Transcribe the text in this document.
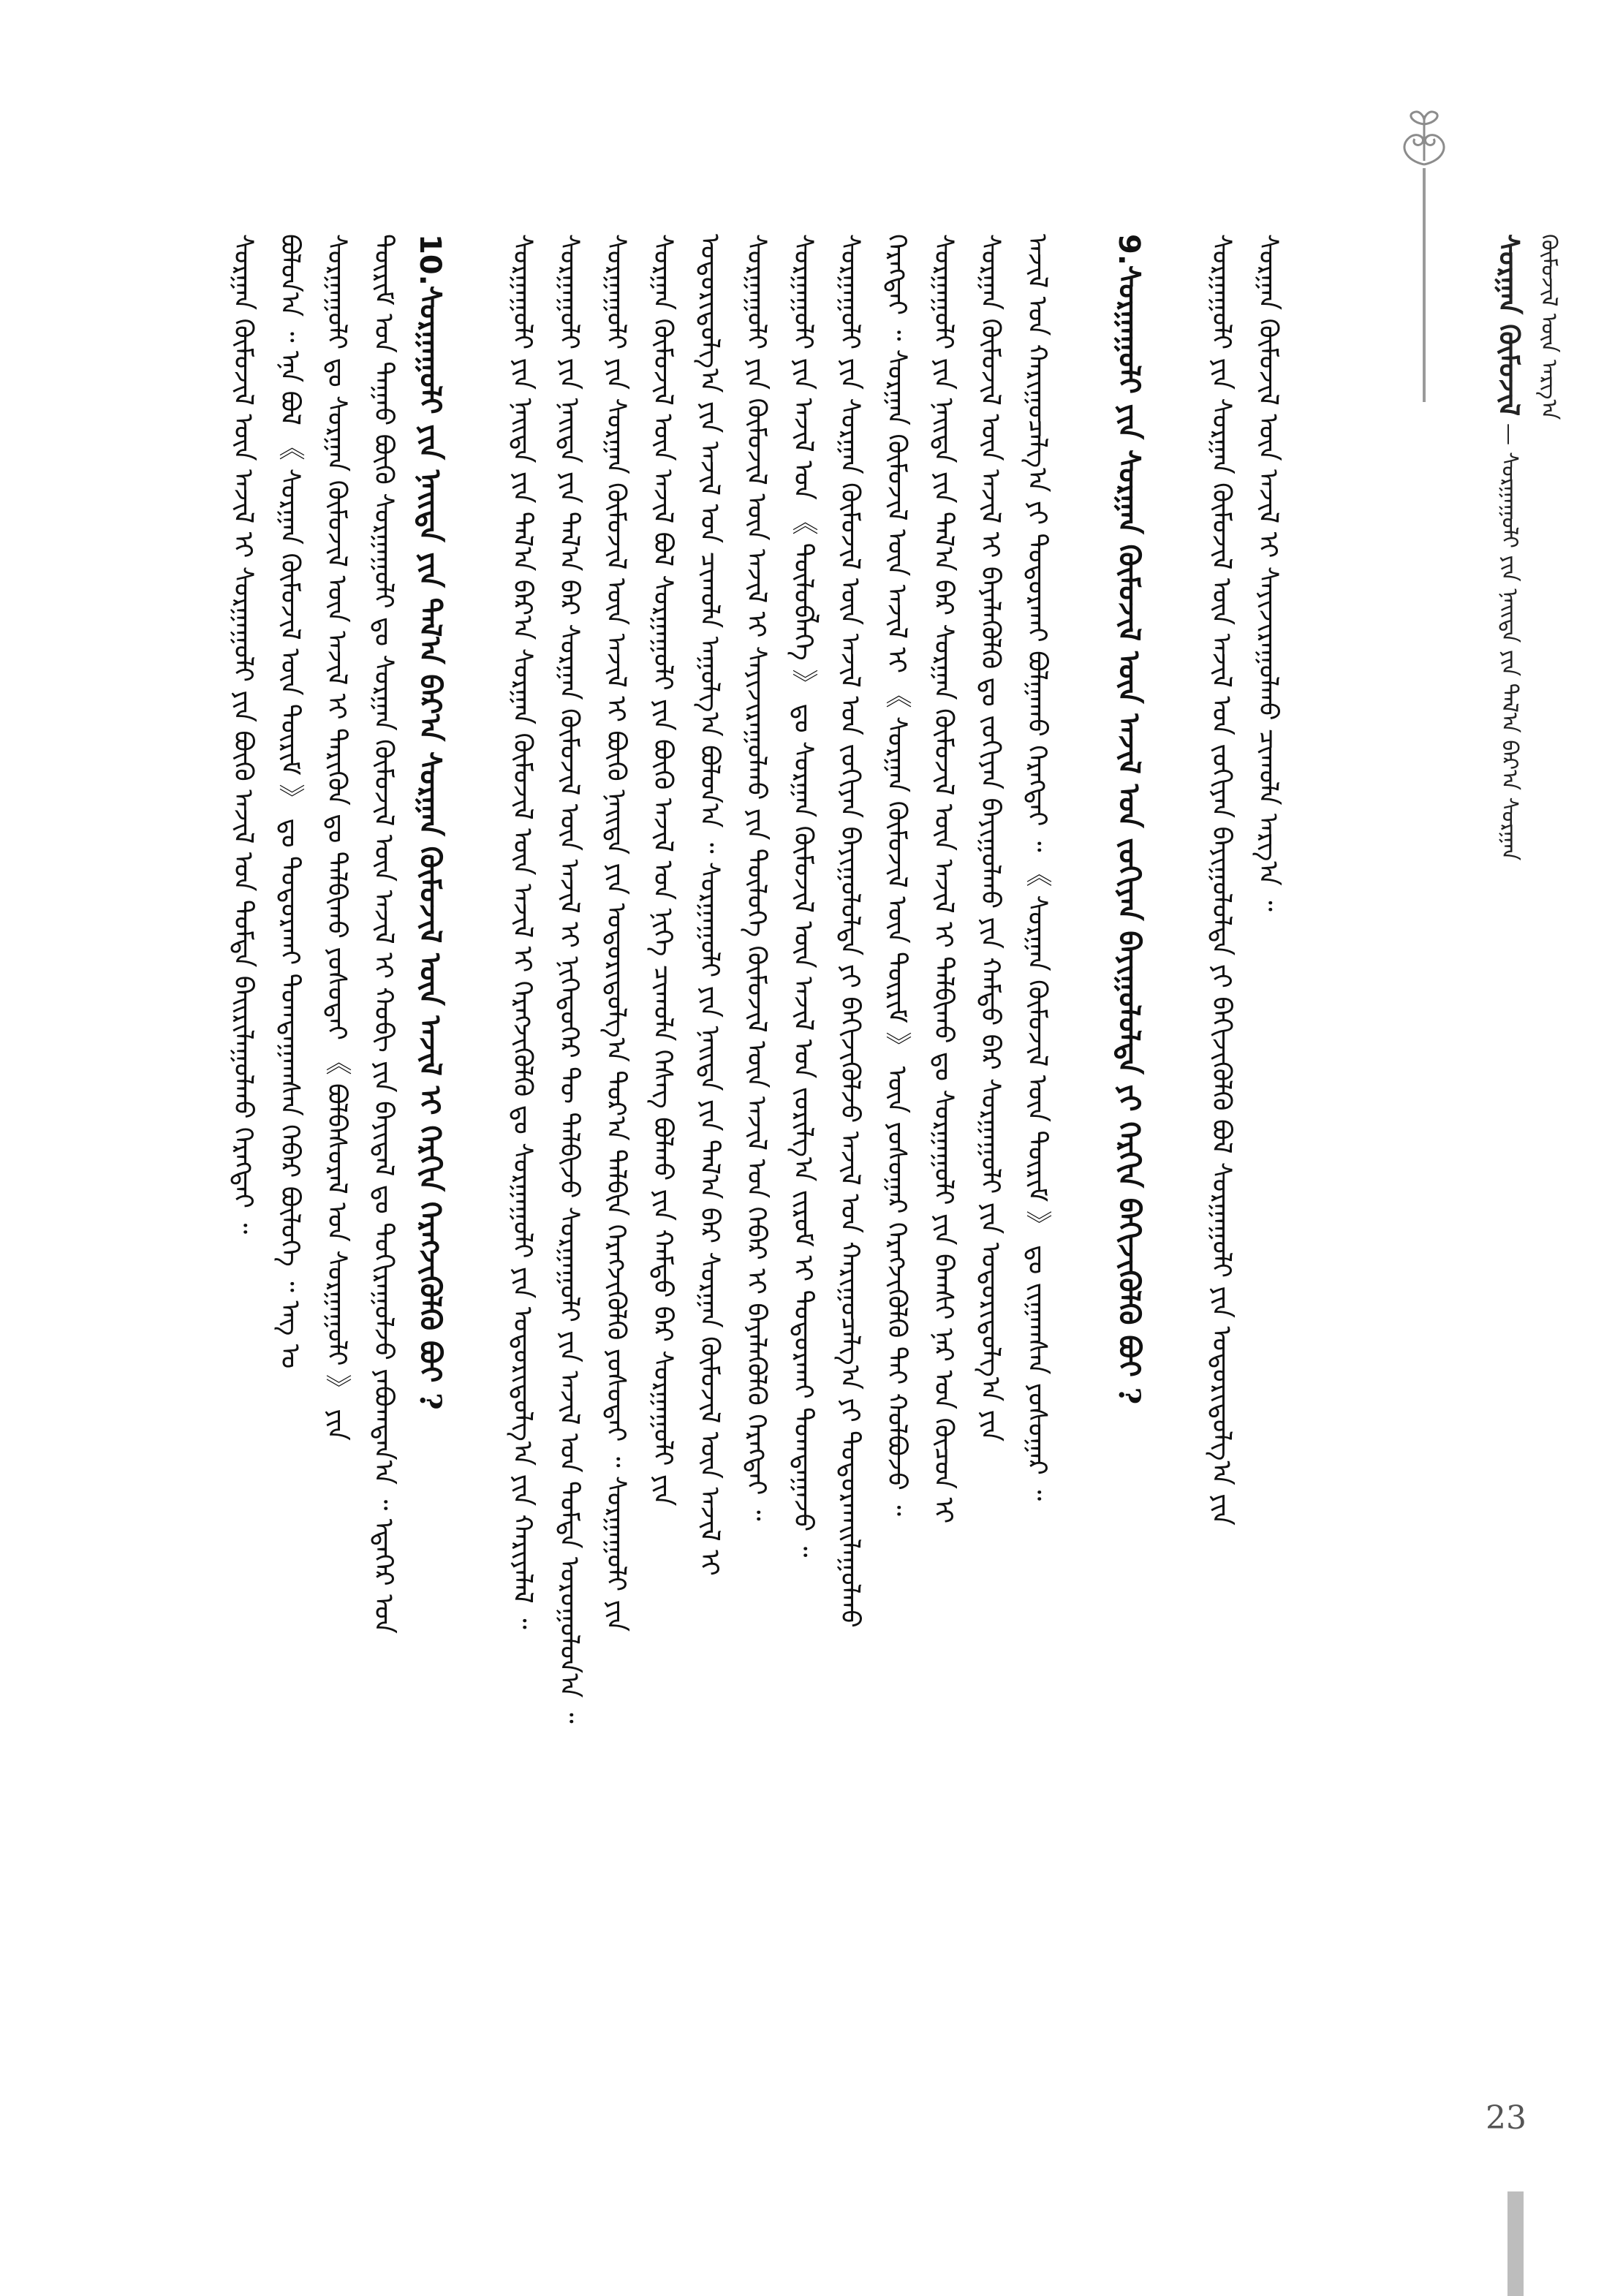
ᠰᠤᠷᠭᠠᠨ ᠬᠦᠮᠦᠵᠢᠯ — ᠰᠤᠷᠭᠠᠭᠤᠯᠢ ᠶᠢᠨ ᠨᠡᠢᠲᠡ ᠶᠢᠨ ᠲᠠᠯ᠎ᠠ ᠪᠠᠷ᠎ᠠ ᠰᠤᠷᠭᠠᠨ ᠬᠦᠮᠦᠵᠢᠯ ᠦᠨ ᠠᠷᠭ᠎ᠠ
ᠰᠤᠷᠭᠠᠨ ᠬᠦᠮᠦᠵᠢᠯ ᠦᠨ ᠠᠵᠢᠯ ᠢ ᠰᠤᠷᠭᠠᠭᠤᠯᠢ ᠶᠢᠨ ᠪᠦᠬᠦ ᠠᠵᠢᠯ ᠤᠨ ᠳᠤᠮᠳᠠ ᠪᠠᠢᠷᠢᠯᠠᠭᠤᠯᠬᠤ ᠬᠡᠷᠡᠭᠲᠡᠢ ᠃ ᠪᠣᠯᠤᠨ᠎ᠠ ᠃ ᠡᠨᠡ ᠪᠣᠯ 《 ᠰᠤᠷᠭᠠᠨ ᠬᠦᠮᠦᠵᠢᠯ ᠦᠨ ᠳᠦᠷᠢᠮ 》 ᠳᠤ ᠲᠣᠳᠣᠷᠬᠠᠢ ᠲᠣᠭᠲᠠᠭᠠᠭᠰᠠᠨ ᠬᠡᠪᠡᠷ ᠪᠦᠯᠦᠭᠡ ᠃ ᠡᠩ ᠤ ᠰᠤᠷᠭᠠᠭᠤᠯᠢ ᠳᠤ ᠰᠤᠷᠭᠠᠨ ᠬᠦᠮᠦᠵᠢᠯ ᠦᠨ ᠠᠵᠢᠯ ᠢ ᠲᠡᠷᠢᠭᠦᠨ ᠳᠤ ᠲᠠᠯᠪᠢᠬᠤ ᠶᠣᠰᠣᠲᠠᠢ 《 ᠪᠣᠯᠪᠠᠰᠤᠷᠠᠯ ᠤᠨ ᠰᠤᠷᠭᠠᠭᠤᠯᠢ 》 ᠶᠢᠨ ᠳᠦᠷᠢᠮ ᠤᠨ ᠳᠠᠭᠠᠤ ᠪᠦᠬᠦ ᠰᠤᠷᠭᠠᠭᠤᠯᠢ ᠳᠤ ᠰᠤᠷᠭᠠᠨ ᠬᠦᠮᠦᠵᠢᠯ ᠦᠨ ᠠᠵᠢᠯ ᠢ ᠬᠤᠪᠢ ᠶᠢᠨ ᠪᠠᠶᠢᠳᠠᠯ ᠳᠤ ᠲᠣᠬᠢᠷᠠᠭᠤᠯᠵᠤ ᠶᠠᠪᠤᠭᠳᠠᠨ᠎ᠠ ᠃ ᠡᠳᠡᠭᠡᠷ ᠤᠨ 10.ᠰᠤᠷᠭᠠᠭᠤᠯᠢ ᠶᠢᠨ ᠨᠡᠢᠲᠡ ᠶᠢᠨ ᠲᠠᠯ᠎ᠠ ᠪᠠᠷ᠎ᠠ ᠰᠤᠷᠭᠠᠨ ᠬᠦᠮᠦᠵᠢᠯ ᠦᠨ ᠠᠵᠢᠯ ᠢ ᠬᠡᠷᠬᠢᠨ ᠬᠡᠷᠡᠭᠵᠢᠭᠦᠯᠬᠦ ᠪᠤᠢ ?	ᠰᠤᠷᠭᠠᠭᠤᠯᠢ ᠶᠢᠨ ᠨᠡᠢᠲᠡ ᠶᠢᠨ ᠲᠠᠯ᠎ᠠ ᠪᠠᠷ᠎ᠠ ᠰᠤᠷᠭᠠᠨ ᠬᠦᠮᠦᠵᠢᠯ ᠦᠨ ᠠᠵᠢᠯ ᠢ ᠬᠡᠷᠡᠭᠵᠢᠭᠦᠯᠬᠦ ᠳᠤ ᠰᠤᠷᠭᠠᠭᠤᠯᠢ ᠶᠢᠨ ᠤᠳᠤᠷᠢᠳᠤᠯᠭ᠎ᠠ ᠶᠢᠨ ᠬᠠᠷᠢᠶᠠᠯᠠᠯ ᠃ ᠰᠤᠷᠭᠠᠭᠤᠯᠢ ᠶᠢᠨ ᠨᠡᠢᠲᠡ ᠶᠢᠨ ᠲᠠᠯ᠎ᠠ ᠪᠠᠷ ᠰᠤᠷᠭᠠᠨ ᠬᠦᠮᠦᠵᠢᠯ ᠦᠨ ᠠᠵᠢᠯ ᠢ ᠨᠢᠭᠡᠳᠦᠭᠡᠷ ᠲᠦ ᠲᠠᠯᠪᠢᠵᠤ ᠰᠤᠷᠭᠠᠭᠤᠯᠢ ᠶᠢᠨ ᠠᠵᠢᠯ ᠤᠨ ᠳᠤᠮᠳᠠ ᠣᠷᠣᠭᠤᠯᠤᠨ᠎ᠠ ᠃ ᠰᠤᠷᠭᠠᠭᠤᠯᠢ ᠶᠢᠨ ᠰᠤᠷᠭᠠᠨ ᠬᠦᠮᠦᠵᠢᠯ ᠦᠨ ᠠᠵᠢᠯ ᠢ ᠪᠦᠬᠦ ᠨᠡᠢᠲᠡ ᠶᠢᠨ ᠤᠳᠤᠷᠢᠳᠤᠯᠭ᠎ᠠ ᠳᠤᠷ᠎ᠠ ᠲᠠᠯᠪᠢᠨ ᠬᠡᠷᠡᠭᠵᠢᠭᠦᠯᠬᠦ ᠶᠣᠰᠣᠲᠠᠢ ᠃ ᠰᠤᠷᠭᠠᠭᠤᠯᠢ ᠶᠢᠨ ᠰᠤᠷᠭᠠᠨ ᠬᠦᠮᠦᠵᠢᠯ ᠦᠨ ᠠᠵᠢᠯ ᠪᠣᠯ ᠰᠤᠷᠭᠠᠭᠤᠯᠢ ᠶᠢᠨ ᠪᠦᠬᠦ ᠠᠵᠢᠯ ᠤᠨ ᠨᠢᠭᠡ ᠴᠢᠬᠤᠯᠠ ᠬᠡᠰᠡᠭ ᠪᠣᠯᠬᠤ ᠶᠢᠨ ᠬᠠᠮᠲᠤ ᠪᠡᠷ ᠰᠤᠷᠭᠠᠭᠤᠯᠢ ᠶᠢᠨ ᠤᠳᠤᠷᠢᠳᠤᠯᠭ᠎ᠠ ᠶᠢᠨ ᠠᠵᠢᠯ ᠤᠨ ᠴᠢᠬᠤᠯᠠ ᠠᠭᠤᠯᠭ᠎ᠠ ᠪᠣᠯᠤᠨ᠎ᠠ ᠃ ᠰᠤᠷᠭᠠᠭᠤᠯᠢ ᠶᠢᠨ ᠨᠡᠢᠲᠡ ᠶᠢᠨ ᠲᠠᠯ᠎ᠠ ᠪᠠᠷ ᠰᠤᠷᠭᠠᠨ ᠬᠦᠮᠦᠵᠢᠯ ᠦᠨ ᠠᠵᠢᠯ ᠢ ᠰᠤᠷᠭᠠᠭᠤᠯᠢ ᠶᠢᠨ ᠬᠦᠮᠦᠵᠢᠯ ᠦᠨ ᠠᠵᠢᠯ ᠢ ᠰᠠᠶᠢᠵᠢᠷᠠᠭᠤᠯᠬᠤ ᠶᠢᠨ ᠲᠥᠯᠥᠭᠡ ᠬᠦᠮᠦᠵᠢᠯ ᠦᠨ ᠠᠵᠢᠯ ᠤᠨ ᠬᠡᠪᠡᠷ ᠢ ᠪᠡᠶᠡᠯᠡᠭᠦᠯᠬᠦ ᠬᠡᠷᠡᠭᠲᠡᠢ ᠃ ᠰᠤᠷᠭᠠᠭᠤᠯᠢ ᠶᠢᠨ ᠠᠵᠢᠯ ᠤᠨ 《 ᠲᠥᠯᠥᠪᠯᠡᠭᠡ 》 ᠳᠤ ᠰᠤᠷᠭᠠᠨ ᠬᠦᠮᠦᠵᠢᠯ ᠦᠨ ᠠᠵᠢᠯ ᠤᠨ ᠵᠣᠷᠢᠯᠭ᠎ᠠ ᠵᠢᠷᠤᠮ ᠢ ᠲᠣᠳᠣᠷᠬᠠᠢ ᠲᠣᠭᠲᠠᠭᠠᠵᠤ ᠃ ᠰᠤᠷᠭᠠᠭᠤᠯᠢ ᠶᠢᠨ ᠰᠤᠷᠭᠠᠨ ᠬᠦᠮᠦᠵᠢᠯ ᠦᠨ ᠠᠵᠢᠯ ᠤᠨ ᠵᠣᠬᠢᠶᠠᠨ ᠪᠠᠶᠢᠭᠤᠯᠤᠯᠲᠠ ᠶᠢ ᠪᠡᠬᠢᠵᠢᠭᠦᠯᠵᠦ ᠠᠵᠢᠯ ᠤᠨ ᠬᠠᠷᠢᠭᠤᠴᠠᠯᠭ᠎ᠠ ᠶᠢ ᠲᠣᠳᠣᠷᠬᠠᠢᠯᠠᠭᠤᠯᠬᠤ ᠬᠡᠷᠡᠭᠲᠡᠢ ᠃ ᠰᠤᠷᠭᠠᠨ ᠬᠦᠮᠦᠵᠢᠯ ᠦᠨ ᠠᠵᠢᠯ ᠢ 《 ᠰᠤᠷᠭᠠᠨ ᠬᠦᠮᠦᠵᠢᠯ ᠦᠨ ᠳᠦᠷᠢᠮ 》 ᠦᠨ ᠶᠣᠰᠣᠭᠠᠷ ᠬᠡᠷᠡᠭᠵᠢᠭᠦᠯᠬᠦ ᠲᠠᠢ ᠬᠣᠯᠪᠣᠵᠤ ᠃ ᠰᠤᠷᠭᠠᠭᠤᠯᠢ ᠶᠢᠨ ᠨᠡᠢᠲᠡ ᠶᠢᠨ ᠲᠠᠯ᠎ᠠ ᠪᠠᠷ ᠰᠤᠷᠭᠠᠨ ᠬᠦᠮᠦᠵᠢᠯ ᠦᠨ ᠠᠵᠢᠯ ᠢ ᠲᠠᠯᠪᠢᠬᠤ ᠳᠤ ᠰᠤᠷᠭᠠᠭᠤᠯᠢ ᠶᠢᠨ ᠪᠠᠭᠰᠢ ᠨᠠᠷ ᠤᠨ ᠬᠦᠴᠦᠨ ᠢ ᠰᠤᠷᠭᠠᠨ ᠬᠦᠮᠦᠵᠢᠯ ᠦᠨ ᠠᠵᠢᠯ ᠢ ᠪᠡᠶᠡᠯᠡᠭᠦᠯᠬᠦ ᠳᠤ ᠵᠣᠬᠢᠶᠠᠨ ᠪᠠᠶᠢᠭᠤᠯᠬᠤ ᠶᠢᠨ ᠬᠠᠮᠲᠤ ᠪᠡᠷ ᠰᠤᠷᠭᠠᠭᠤᠯᠢ ᠶᠢᠨ ᠤᠳᠤᠷᠢᠳᠤᠯᠭ᠎ᠠ ᠶᠢᠨ ᠠᠵᠢᠯ ᠤᠨ ᠬᠠᠷᠢᠭᠤᠴᠠᠯᠭ᠎ᠠ ᠶᠢ ᠲᠣᠳᠣᠷᠬᠠᠢ ᠪᠣᠯᠭᠠᠬᠤ ᠬᠡᠷᠡᠭᠲᠡᠢ ᠃ 《 ᠰᠤᠷᠭᠠᠨ ᠬᠦᠮᠦᠵᠢᠯ ᠦᠨ ᠳᠦᠷᠢᠮ 》 ᠳᠤ ᠵᠢᠭᠠᠭᠰᠠᠨ ᠶᠣᠰᠣᠭᠠᠷ ᠃ 9.ᠰᠤᠷᠭᠠᠭᠤᠯᠢ ᠶᠢᠨ ᠰᠤᠷᠭᠠᠨ ᠬᠦᠮᠦᠵᠢᠯ ᠦᠨ ᠠᠵᠢᠯ ᠤᠨ ᠵᠣᠬᠢᠶᠠᠨ ᠪᠠᠶᠢᠭᠤᠯᠤᠯᠲᠠ ᠶᠢ ᠬᠡᠷᠬᠢᠨ ᠪᠡᠬᠢᠵᠢᠭᠦᠯᠬᠦ ᠪᠤᠢ ?	ᠰᠤᠷᠭᠠᠭᠤᠯᠢ ᠶᠢᠨ ᠰᠤᠷᠭᠠᠨ ᠬᠦᠮᠦᠵᠢᠯ ᠦᠨ ᠠᠵᠢᠯ ᠤᠨ ᠵᠣᠬᠢᠶᠠᠨ ᠪᠠᠶᠢᠭᠤᠯᠤᠯᠲᠠ ᠶᠢ ᠪᠡᠬᠢᠵᠢᠭᠦᠯᠬᠦ ᠪᠣᠯ ᠰᠤᠷᠭᠠᠭᠤᠯᠢ ᠶᠢᠨ ᠤᠳᠤᠷᠢᠳᠤᠯᠭ᠎ᠠ ᠶᠢᠨ ᠰᠤᠷᠭᠠᠨ ᠬᠦᠮᠦᠵᠢᠯ ᠦᠨ ᠠᠵᠢᠯ ᠢ ᠰᠠᠶᠢᠵᠢᠷᠠᠭᠤᠯᠬᠤ ᠴᠢᠬᠤᠯᠠ ᠠᠷᠭ᠎ᠠ ᠃
23
